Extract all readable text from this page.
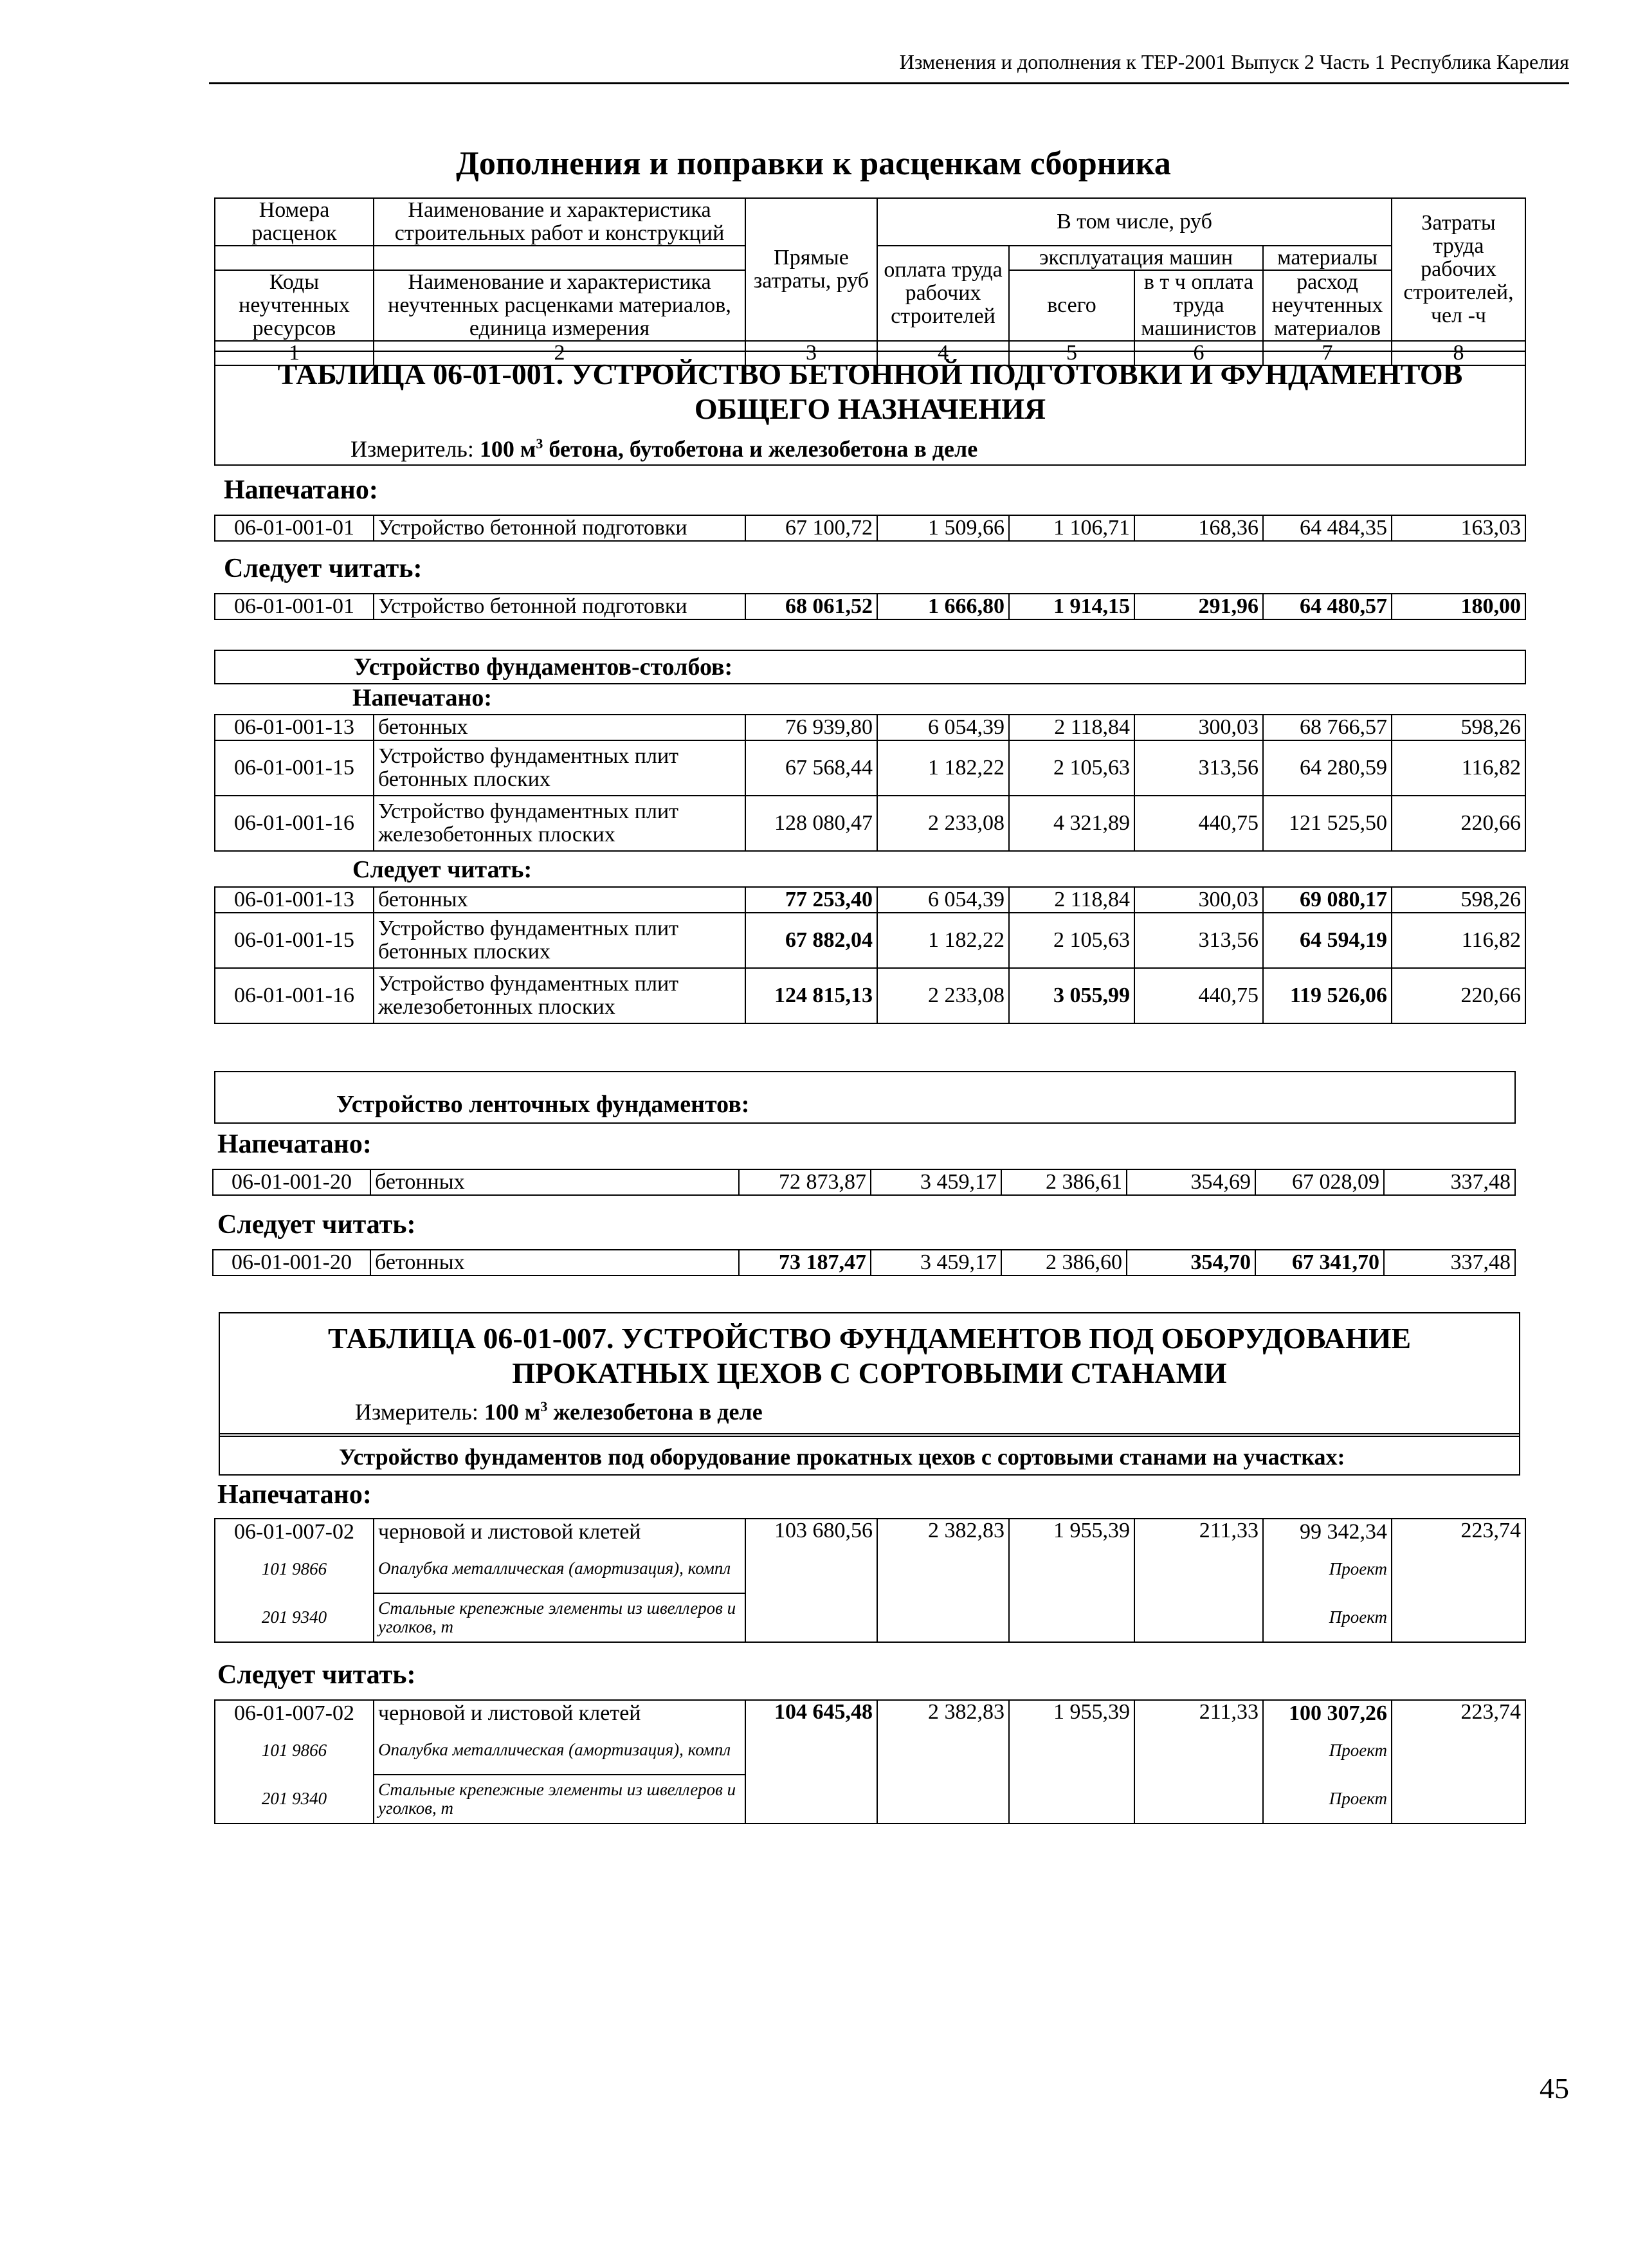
Изменения и дополнения к ТЕР-2001 Выпуск 2 Часть 1 Республика Карелия
Дополнения и поправки к расценкам сборника
Номера расценок	Наименование и характеристика строительных работ и конструкций	Прямые затраты, руб	В том числе, руб				Затраты труда рабочих строителей, чел -ч
			оплата труда рабочих строителей	эксплуатация машин		материалы	
Коды неучтенных ресурсов	Наименование и характеристика неучтенных расценками материалов, единица измерения			всего	в т ч оплата труда машинистов	расход неучтенных материалов	

1	2	3	4	5	6	7	8
ТАБЛИЦА 06-01-001. УСТРОЙСТВО БЕТОННОЙ ПОДГОТОВКИ И ФУНДАМЕНТОВ
ОБЩЕГО НАЗНАЧЕНИЯ
Измеритель: 100 $м^3$ бетона, бутобетона и железобетона в деле
Напечатано:
06-01-001-01	Устройство бетонной подготовки	67 100,72	1 509,66	1 106,71	168,36	64 484,35	163,03
Следует читать:
06-01-001-01	Устройство бетонной подготовки	68 061,52	1 666,80	1 914,15	291,96	64 480,57	180,00
Устройство фундаментов-столбов:
Напечатано:
06-01-001-13	бетонных	76 939,80	6 054,39	2 118,84	300,03	68 766,57	598,26
06-01-001-15	Устройство фундаментных плит бетонных плоских	67 568,44	1 182,22	2 105,63	313,56	64 280,59	116,82
06-01-001-16	Устройство фундаментных плит железобетонных плоских	128 080,47	2 233,08	4 321,89	440,75	121 525,50	220,66
Следует читать:
06-01-001-13	бетонных	77 253,40	6 054,39	2 118,84	300,03	69 080,17	598,26
06-01-001-15	Устройство фундаментных плит бетонных плоских	67 882,04	1 182,22	2 105,63	313,56	64 594,19	116,82
06-01-001-16	Устройство фундаментных плит железобетонных плоских	124 815,13	2 233,08	3 055,99	440,75	119 526,06	220,66
Устройство ленточных фундаментов:
Напечатано:
06-01-001-20	бетонных	72 873,87	3 459,17	2 386,61	354,69	67 028,09	337,48
Следует читать:
06-01-001-20	бетонных	73 187,47	3 459,17	2 386,60	354,70	67 341,70	337,48
ТАБЛИЦА 06-01-007. УСТРОЙСТВО ФУНДАМЕНТОВ ПОД ОБОРУДОВАНИЕ
ПРОКАТНЫХ ЦЕХОВ С СОРТОВЫМИ СТАНАМИ
Измеритель: 100 $м^3$ железобетона в деле
Устройство фундаментов под оборудование прокатных цехов с сортовыми станами на участках:
Напечатано:
06-01-007-02	черновой и листовой клетей	103 680,56	2 382,83	1 955,39	211,33	99 342,34	223,74
101 9866	Опалубка металлическая (амортизация), компл					Проект	
201 9340	Стальные крепежные элементы из швеллеров и уголков, т					Проект	
Следует читать:
06-01-007-02	черновой и листовой клетей	104 645,48	2 382,83	1 955,39	211,33	100 307,26	223,74
101 9866	Опалубка металлическая (амортизация), компл					Проект	
201 9340	Стальные крепежные элементы из швеллеров и уголков, т					Проект	
45
